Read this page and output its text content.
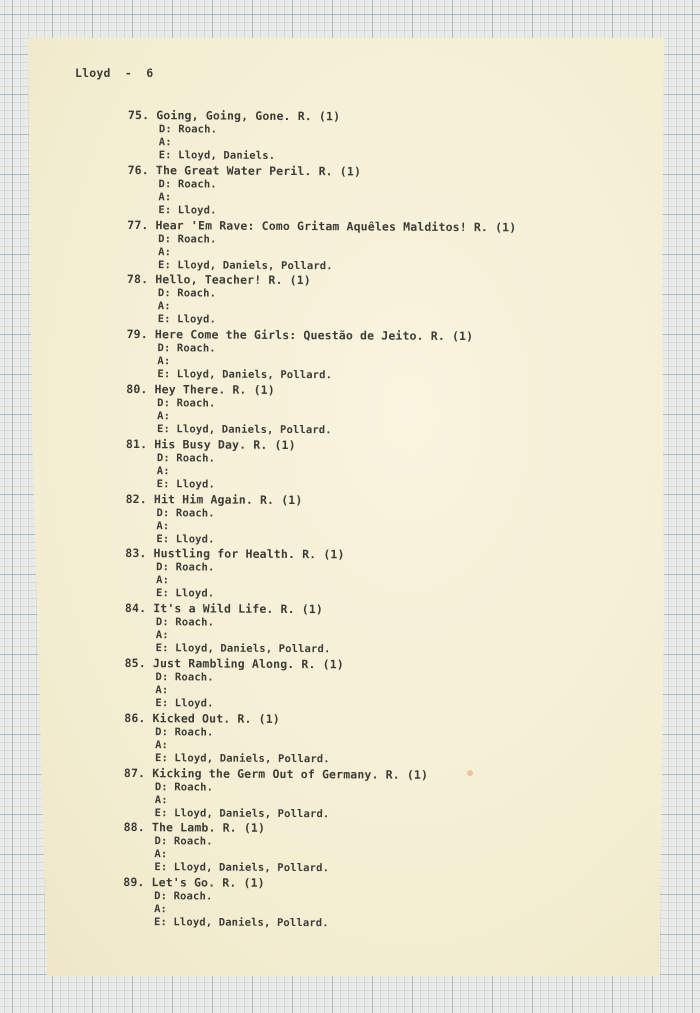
Lloyd  -  6
75. Going, Going, Gone. R. (1)
D: Roach.
A:
E: Lloyd, Daniels.
76. The Great Water Peril. R. (1)
D: Roach.
A:
E: Lloyd.
77. Hear 'Em Rave: Como Gritam Aquêles Malditos! R. (1)
D: Roach.
A:
E: Lloyd, Daniels, Pollard.
78. Hello, Teacher! R. (1)
D: Roach.
A:
E: Lloyd.
79. Here Come the Girls: Questão de Jeito. R. (1)
D: Roach.
A:
E: Lloyd, Daniels, Pollard.
80. Hey There. R. (1)
D: Roach.
A:
E: Lloyd, Daniels, Pollard.
81. His Busy Day. R. (1)
D: Roach.
A:
E: Lloyd.
82. Hit Him Again. R. (1)
D: Roach.
A:
E: Lloyd.
83. Hustling for Health. R. (1)
D: Roach.
A:
E: Lloyd.
84. It's a Wild Life. R. (1)
D: Roach.
A:
E: Lloyd, Daniels, Pollard.
85. Just Rambling Along. R. (1)
D: Roach.
A:
E: Lloyd.
86. Kicked Out. R. (1)
D: Roach.
A:
E: Lloyd, Daniels, Pollard.
87. Kicking the Germ Out of Germany. R. (1)
D: Roach.
A:
E: Lloyd, Daniels, Pollard.
88. The Lamb. R. (1)
D: Roach.
A:
E: Lloyd, Daniels, Pollard.
89. Let's Go. R. (1)
D: Roach.
A:
E: Lloyd, Daniels, Pollard.
